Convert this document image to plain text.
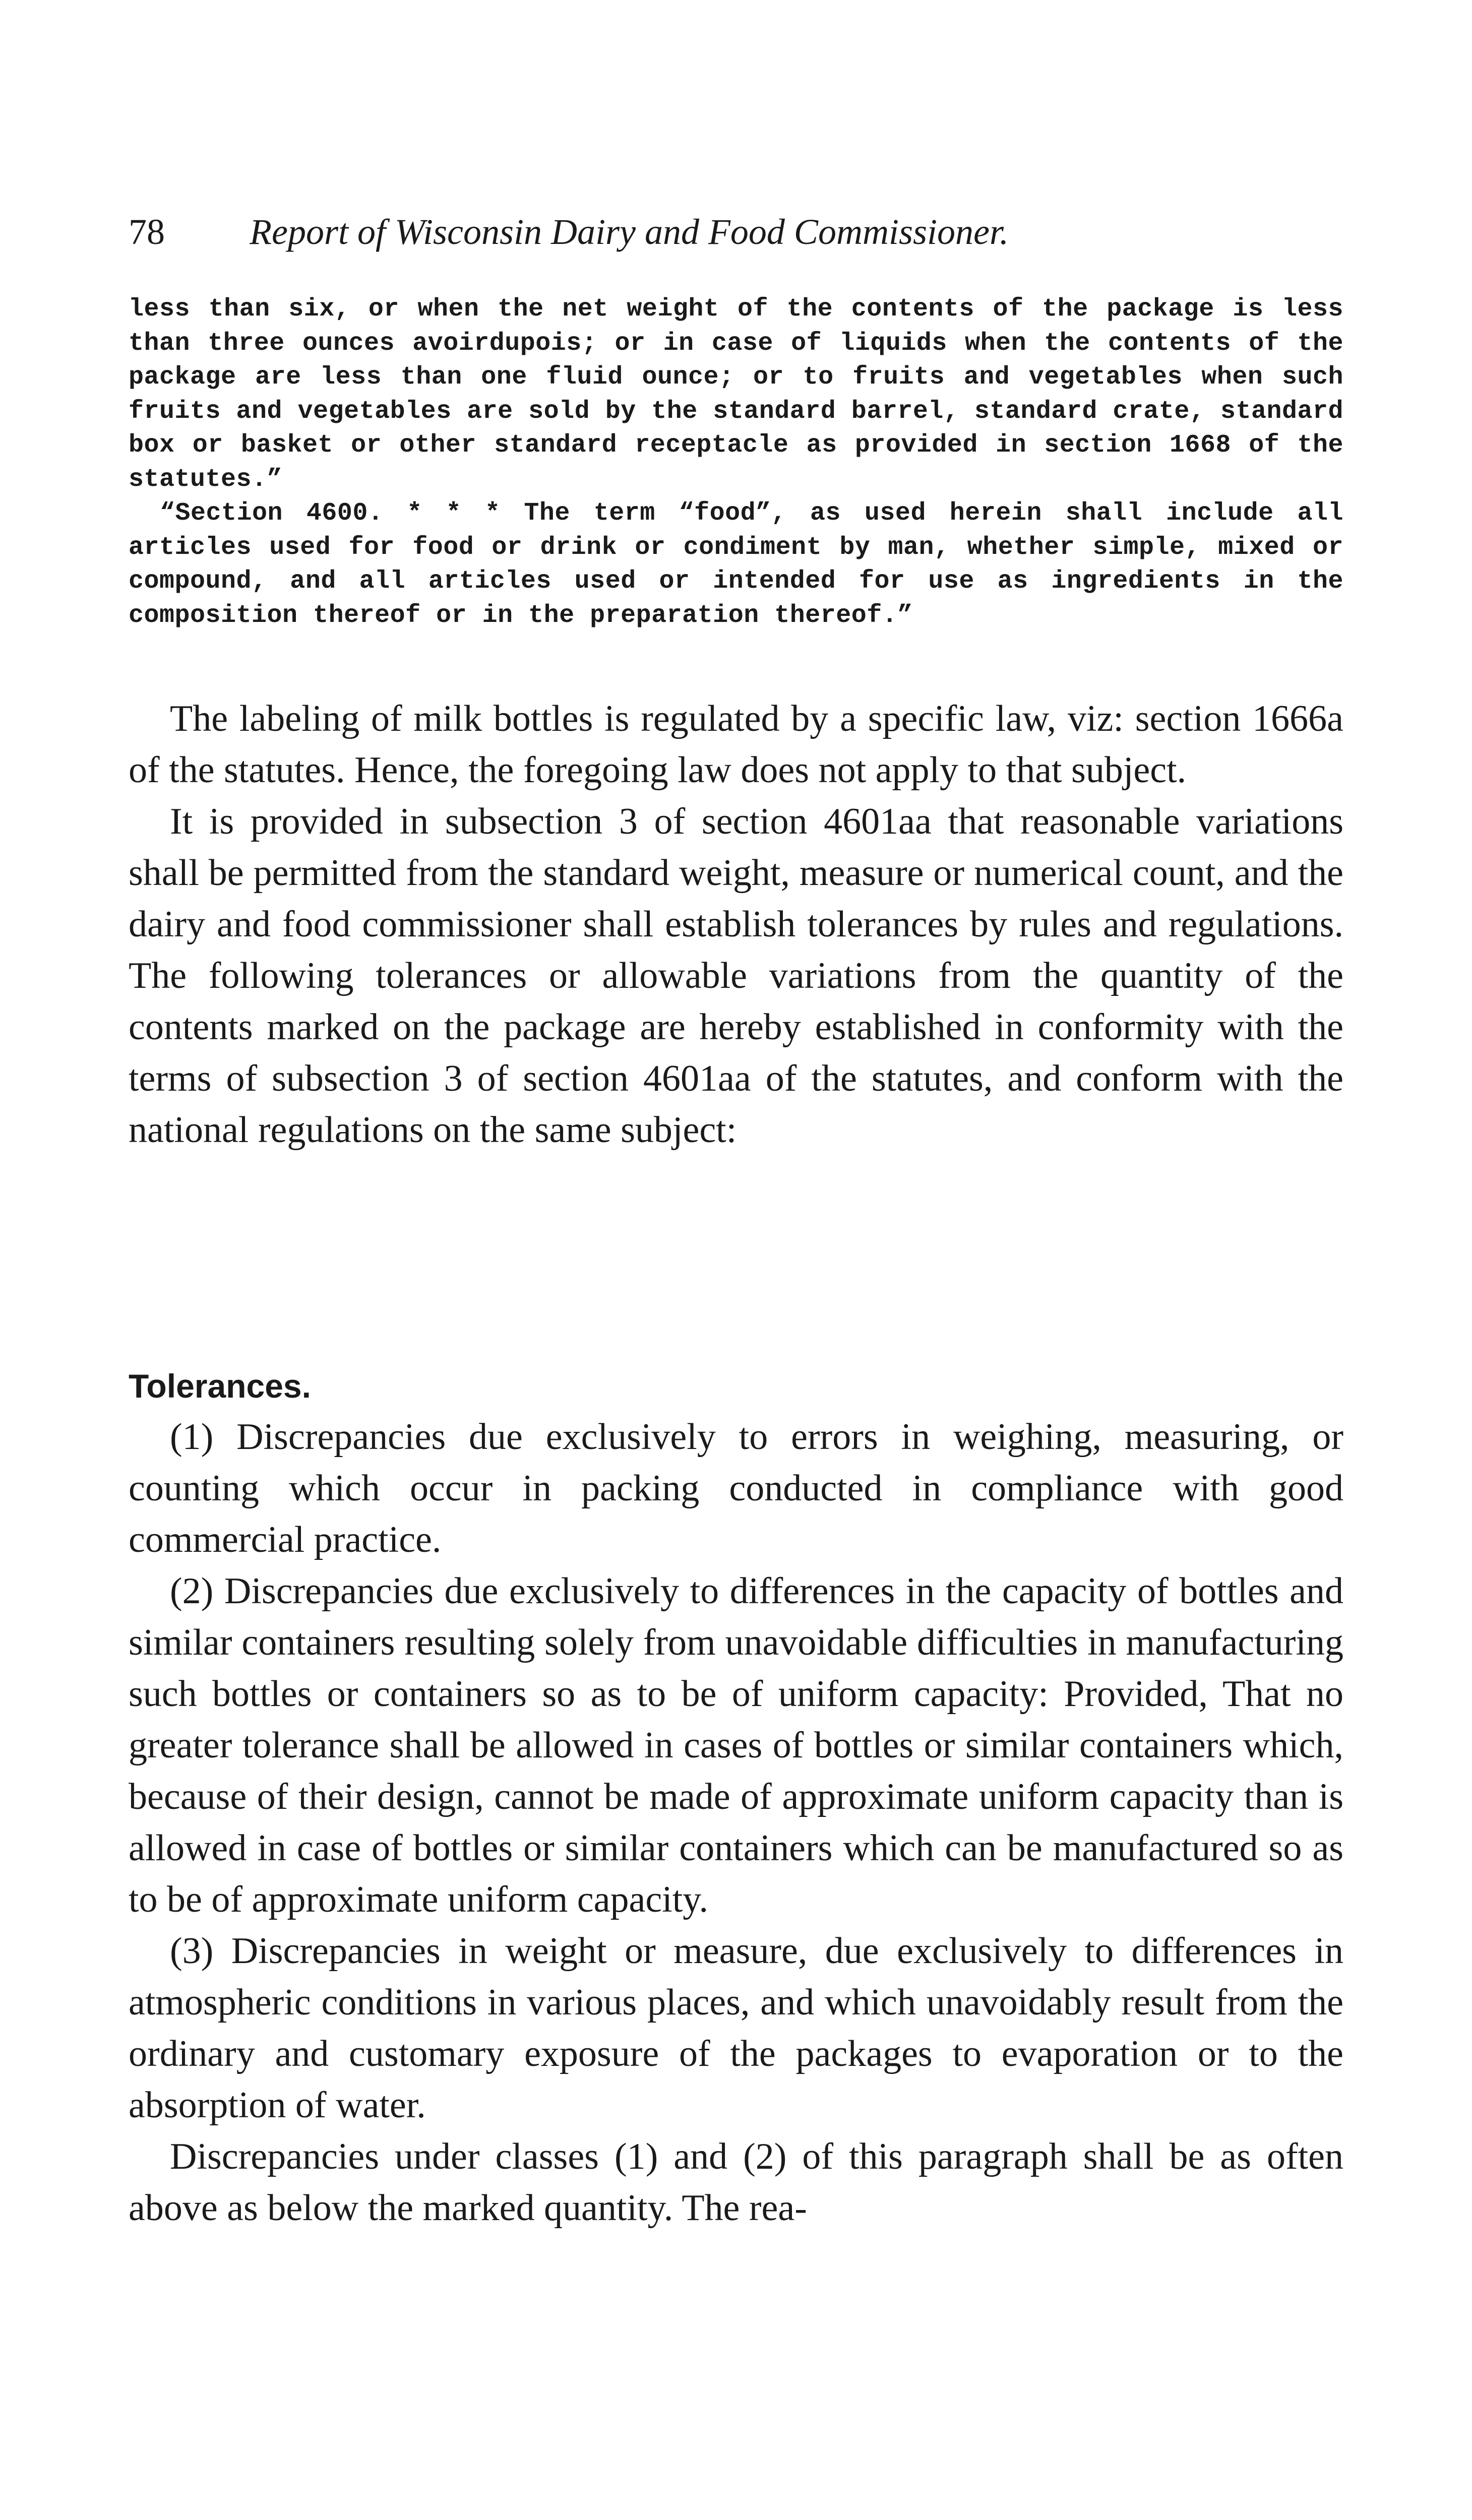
78 Report of Wisconsin Dairy and Food Commissioner.

less than six, or when the net weight of the contents of the package is less than three ounces avoirdupois; or in case of liquids when the contents of the package are less than one fluid ounce; or to fruits and vegetables when such fruits and vegetables are sold by the standard barrel, standard crate, standard box or basket or other standard receptacle as provided in section 1668 of the statutes.”

“Section 4600. * * * The term “food”, as used herein shall include all articles used for food or drink or condiment by man, whether simple, mixed or compound, and all articles used or intended for use as ingredients in the composition thereof or in the preparation thereof.”

The labeling of milk bottles is regulated by a specific law, viz: section 1666a of the statutes. Hence, the foregoing law does not apply to that subject.

It is provided in subsection 3 of section 4601aa that reasonable variations shall be permitted from the standard weight, measure or numerical count, and the dairy and food commissioner shall establish tolerances by rules and regulations. The following tolerances or allowable variations from the quantity of the contents marked on the package are hereby established in conformity with the terms of subsection 3 of section 4601aa of the statutes, and conform with the national regulations on the same subject:

Tolerances.

(1) Discrepancies due exclusively to errors in weighing, measuring, or counting which occur in packing conducted in compliance with good commercial practice.

(2) Discrepancies due exclusively to differences in the capacity of bottles and similar containers resulting solely from unavoidable difficulties in manufacturing such bottles or containers so as to be of uniform capacity: Provided, That no greater tolerance shall be allowed in cases of bottles or similar containers which, because of their design, cannot be made of approximate uniform capacity than is allowed in case of bottles or similar containers which can be manufactured so as to be of approximate uniform capacity.

(3) Discrepancies in weight or measure, due exclusively to differences in atmospheric conditions in various places, and which unavoidably result from the ordinary and customary exposure of the packages to evaporation or to the absorption of water.

Discrepancies under classes (1) and (2) of this paragraph shall be as often above as below the marked quantity. The rea-
